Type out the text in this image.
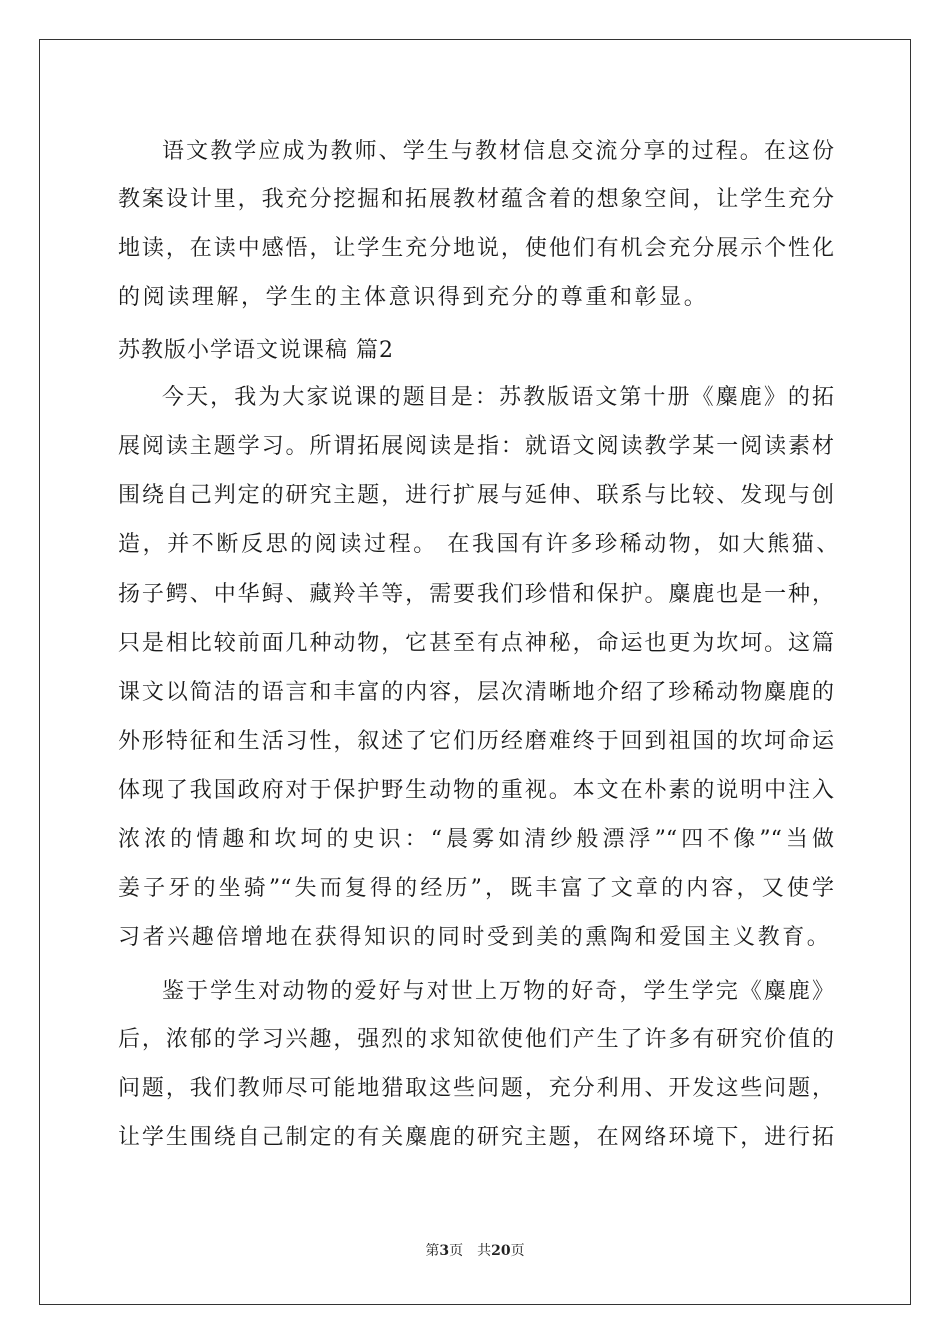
语文教学应成为教师、学生与教材信息交流分享的过程。在这份
教案设计里，我充分挖掘和拓展教材蕴含着的想象空间，让学生充分
地读，在读中感悟，让学生充分地说，使他们有机会充分展示个性化
的阅读理解，学生的主体意识得到充分的尊重和彰显。
苏教版小学语文说课稿 篇2
今天，我为大家说课的题目是：苏教版语文第十册《麋鹿》的拓
展阅读主题学习。所谓拓展阅读是指：就语文阅读教学某一阅读素材
围绕自己判定的研究主题，进行扩展与延伸、联系与比较、发现与创
造，并不断反思的阅读过程。 在我国有许多珍稀动物，如大熊猫、
扬子鳄、中华鲟、藏羚羊等，需要我们珍惜和保护。麋鹿也是一种，
只是相比较前面几种动物，它甚至有点神秘，命运也更为坎坷。这篇
课文以简洁的语言和丰富的内容，层次清晰地介绍了珍稀动物麋鹿的
外形特征和生活习性，叙述了它们历经磨难终于回到祖国的坎坷命运
体现了我国政府对于保护野生动物的重视。本文在朴素的说明中注入
浓浓的情趣和坎坷的史识：“晨雾如清纱般漂浮”“四不像”“当做
姜子牙的坐骑”“失而复得的经历”，既丰富了文章的内容，又使学
习者兴趣倍增地在获得知识的同时受到美的熏陶和爱国主义教育。
鉴于学生对动物的爱好与对世上万物的好奇，学生学完《麋鹿》
后，浓郁的学习兴趣，强烈的求知欲使他们产生了许多有研究价值的
问题，我们教师尽可能地猎取这些问题，充分利用、开发这些问题，
让学生围绕自己制定的有关麋鹿的研究主题，在网络环境下，进行拓
第3页 共20页
